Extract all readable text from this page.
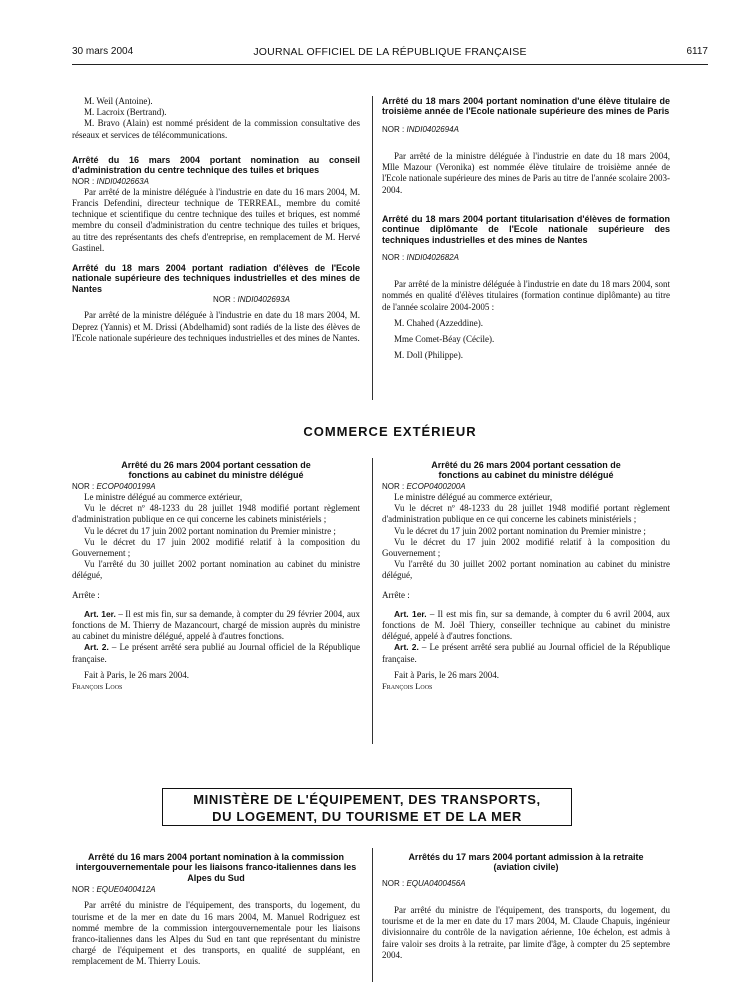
30 mars 2004	JOURNAL OFFICIEL DE LA RÉPUBLIQUE FRANÇAISE	6117

M. Weil (Antoine).

M. Lacroix (Bertrand).

M. Bravo (Alain) est nommé président de la commission consultative des réseaux et services de télécommunications.

Arrêté du 16 mars 2004 portant nomination au conseil d'administration du centre technique des tuiles et briques

NOR : INDI0402663A

Par arrêté de la ministre déléguée à l'industrie en date du 16 mars 2004, M. Francis Defendini, directeur technique de TERREAL, membre du comité technique et scientifique du centre technique des tuiles et briques, est nommé membre du conseil d'administration du centre technique des tuiles et briques, au titre des représentants des chefs d'entreprise, en remplacement de M. Hervé Gastinel.

Arrêté du 18 mars 2004 portant radiation d'élèves de l'Ecole nationale supérieure des techniques industrielles et des mines de Nantes

NOR : INDI0402693A

Par arrêté de la ministre déléguée à l'industrie en date du 18 mars 2004, M. Deprez (Yannis) et M. Drissi (Abdelhamid) sont radiés de la liste des élèves de l'Ecole nationale supérieure des techniques industrielles et des mines de Nantes.

Arrêté du 18 mars 2004 portant nomination d'une élève titulaire de troisième année de l'Ecole nationale supérieure des mines de Paris

NOR : INDI0402694A

Par arrêté de la ministre déléguée à l'industrie en date du 18 mars 2004, Mlle Mazour (Veronika) est nommée élève titulaire de troisième année de l'Ecole nationale supérieure des mines de Paris au titre de l'année scolaire 2003-2004.

Arrêté du 18 mars 2004 portant titularisation d'élèves de formation continue diplômante de l'Ecole nationale supérieure des techniques industrielles et des mines de Nantes

NOR : INDI0402682A

Par arrêté de la ministre déléguée à l'industrie en date du 18 mars 2004, sont nommés en qualité d'élèves titulaires (formation continue diplômante) au titre de l'année scolaire 2004-2005 :

M. Chahed (Azzeddine).

Mme Comet-Béay (Cécile).

M. Doll (Philippe).

COMMERCE EXTÉRIEUR

Arrêté du 26 mars 2004 portant cessation de fonctions au cabinet du ministre délégué

NOR : ECOP0400199A

Le ministre délégué au commerce extérieur,

Vu le décret nº 48-1233 du 28 juillet 1948 modifié portant règlement d'administration publique en ce qui concerne les cabinets ministériels ;

Vu le décret du 17 juin 2002 portant nomination du Premier ministre ;

Vu le décret du 17 juin 2002 modifié relatif à la composition du Gouvernement ;

Vu l'arrêté du 30 juillet 2002 portant nomination au cabinet du ministre délégué,

Arrête :

Art. 1er. – Il est mis fin, sur sa demande, à compter du 29 février 2004, aux fonctions de M. Thierry de Mazancourt, chargé de mission auprès du ministre au cabinet du ministre délégué, appelé à d'autres fonctions.

Art. 2. – Le présent arrêté sera publié au Journal officiel de la République française.

Fait à Paris, le 26 mars 2004.

François Loos

Arrêté du 26 mars 2004 portant cessation de fonctions au cabinet du ministre délégué

NOR : ECOP0400200A

Le ministre délégué au commerce extérieur,

Vu le décret nº 48-1233 du 28 juillet 1948 modifié portant règlement d'administration publique en ce qui concerne les cabinets ministériels ;

Vu le décret du 17 juin 2002 portant nomination du Premier ministre ;

Vu le décret du 17 juin 2002 modifié relatif à la composition du Gouvernement ;

Vu l'arrêté du 30 juillet 2002 portant nomination au cabinet du ministre délégué,

Arrête :

Art. 1er. – Il est mis fin, sur sa demande, à compter du 6 avril 2004, aux fonctions de M. Joël Thiery, conseiller technique au cabinet du ministre délégué, appelé à d'autres fonctions.

Art. 2. – Le présent arrêté sera publié au Journal officiel de la République française.

Fait à Paris, le 26 mars 2004.

François Loos

MINISTÈRE DE L'ÉQUIPEMENT, DES TRANSPORTS,
DU LOGEMENT, DU TOURISME ET DE LA MER

Arrêté du 16 mars 2004 portant nomination à la commission intergouvernementale pour les liaisons franco-italiennes dans les Alpes du Sud

NOR : EQUE0400412A

Par arrêté du ministre de l'équipement, des transports, du logement, du tourisme et de la mer en date du 16 mars 2004, M. Manuel Rodriguez est nommé membre de la commission intergouvernementale pour les liaisons franco-italiennes dans les Alpes du Sud en tant que représentant du ministre chargé de l'équipement et des transports, en qualité de suppléant, en remplacement de M. Thierry Louis.

Arrêtés du 17 mars 2004 portant admission à la retraite (aviation civile)

NOR : EQUA0400456A

Par arrêté du ministre de l'équipement, des transports, du logement, du tourisme et de la mer en date du 17 mars 2004, M. Claude Chapuis, ingénieur divisionnaire du contrôle de la navigation aérienne, 10e échelon, est admis à faire valoir ses droits à la retraite, par limite d'âge, à compter du 25 septembre 2004.
